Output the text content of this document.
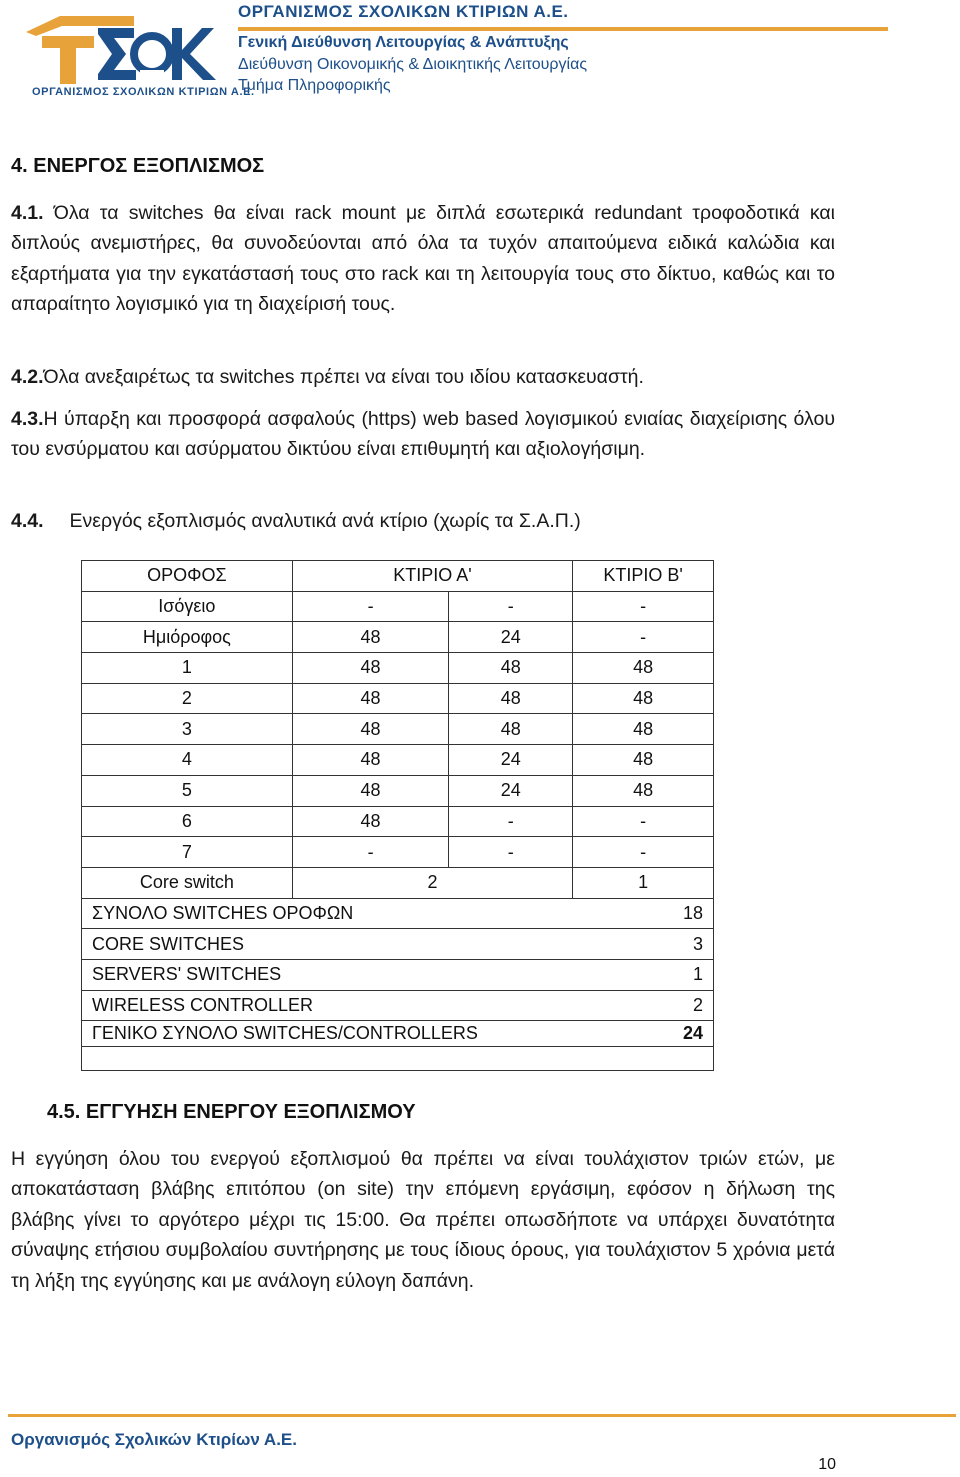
ΟΡΓΑΝΙΣΜΟΣ ΣΧΟΛΙΚΩΝ ΚΤΙΡΙΩΝ Α.Ε.
ΟΡΓΑΝΙΣΜΟΣ ΣΧΟΛΙΚΩΝ ΚΤΙΡΙΩΝ Α.Ε.
Γενική Διεύθυνση Λειτουργίας & Ανάπτυξης
Διεύθυνση Οικονομικής & Διοικητικής Λειτουργίας
Τμήμα Πληροφορικής
4. ΕΝΕΡΓΟΣ ΕΞΟΠΛΙΣΜΟΣ
4.1. Όλα τα switches θα είναι rack mount με διπλά εσωτερικά redundant τροφοδοτικά και διπλούς ανεμιστήρες, θα συνοδεύονται από όλα τα τυχόν απαιτούμενα ειδικά καλώδια και εξαρτήματα για την εγκατάστασή τους στο rack και τη λειτουργία τους στο δίκτυο, καθώς και το απαραίτητο λογισμικό για τη διαχείρισή τους.
4.2.Όλα ανεξαιρέτως τα switches πρέπει να είναι του ιδίου κατασκευαστή.
4.3.Η ύπαρξη και προσφορά ασφαλούς (https) web based λογισμικού ενιαίας διαχείρισης όλου του ενσύρματου και ασύρματου δικτύου είναι επιθυμητή και αξιολογήσιμη.
4.4. Ενεργός εξοπλισμός αναλυτικά ανά κτίριο (χωρίς τα Σ.Α.Π.)
ΟΡΟΦΟΣ	ΚΤΙΡΙΟ Α'		ΚΤΙΡΙΟ Β'
Ισόγειο	-	-	-
Ημιόροφος	48	24	-
1	48	48	48
2	48	48	48
3	48	48	48
4	48	24	48
5	48	24	48
6	48	-	-
7	-	-	-
Core switch	2		1
ΣΥΝΟΛΟ SWITCHES ΟΡΟΦΩΝ			18
CORE SWITCHES			3
SERVERS' SWITCHES			1
WIRELESS CONTROLLER			2
ΓΕΝΙΚΟ ΣΥΝΟΛΟ SWITCHES/CONTROLLERS			24

4.5. ΕΓΓΥΗΣΗ ΕΝΕΡΓΟΥ ΕΞΟΠΛΙΣΜΟΥ
Η εγγύηση όλου του ενεργού εξοπλισμού θα πρέπει να είναι τουλάχιστον τριών ετών, με αποκατάσταση βλάβης επιτόπου (on site) την επόμενη εργάσιμη, εφόσον η δήλωση της βλάβης γίνει το αργότερο μέχρι τις 15:00. Θα πρέπει οπωσδήποτε να υπάρχει δυνατότητα σύναψης ετήσιου συμβολαίου συντήρησης με τους ίδιους όρους, για τουλάχιστον 5 χρόνια μετά τη λήξη της εγγύησης και με ανάλογη εύλογη δαπάνη.
Οργανισμός Σχολικών Κτιρίων Α.Ε.
10
